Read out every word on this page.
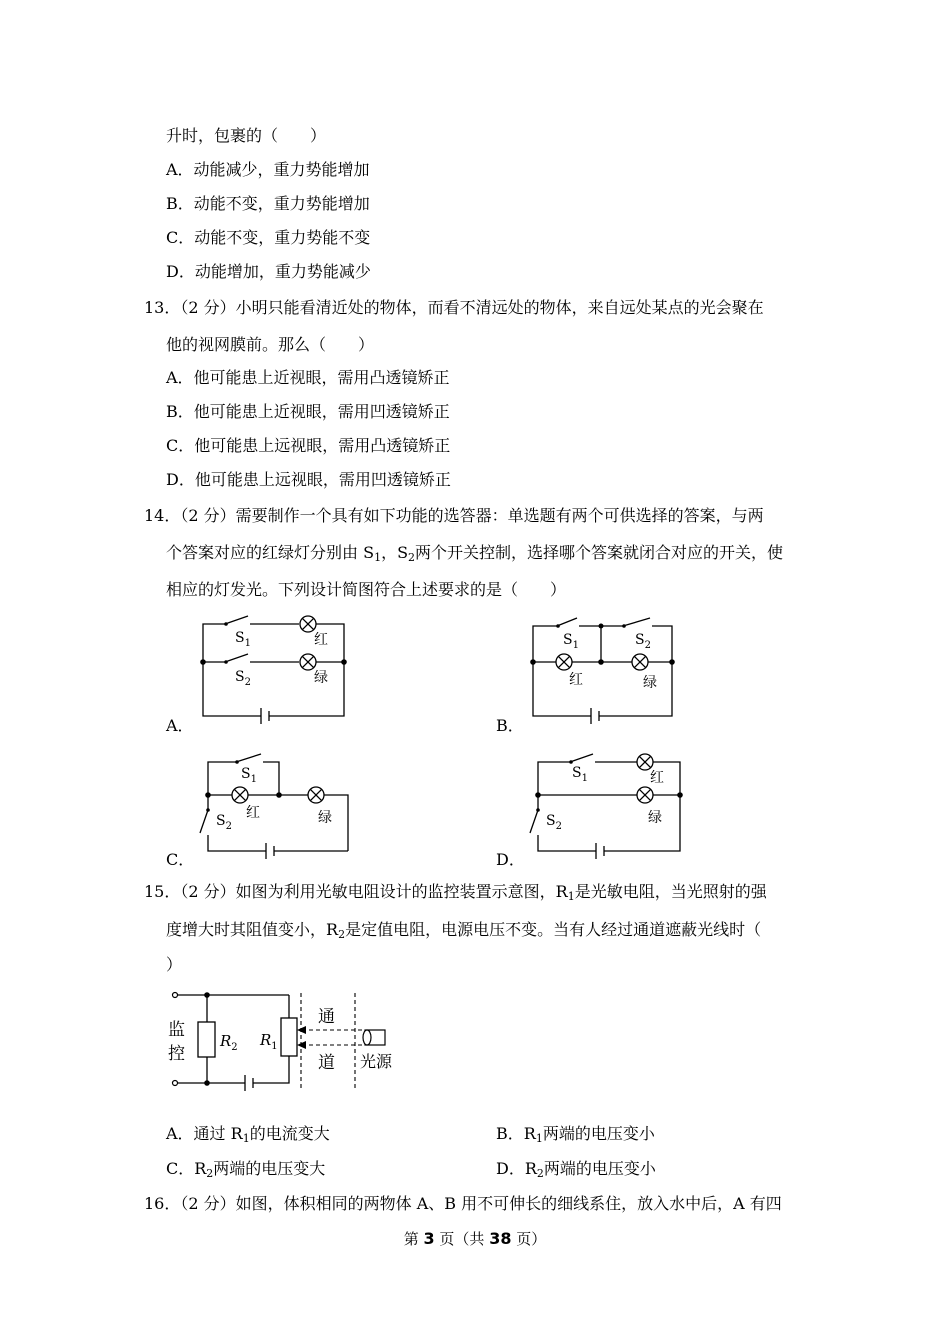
升时，包裹的（　　）
A．动能减少，重力势能增加
B．动能不变，重力势能增加
C．动能不变，重力势能不变
D．动能增加，重力势能减少
13．（2 分）小明只能看清近处的物体，而看不清远处的物体，来自远处某点的光会聚在
他的视网膜前。那么（　　）
A．他可能患上近视眼，需用凸透镜矫正
B．他可能患上近视眼，需用凹透镜矫正
C．他可能患上远视眼，需用凸透镜矫正
D．他可能患上远视眼，需用凹透镜矫正
14．（2 分）需要制作一个具有如下功能的选答器：单选题有两个可供选择的答案，与两
个答案对应的红绿灯分别由 $S_1$，$S_2$两个开关控制，选择哪个答案就闭合对应的开关，使
相应的灯发光。下列设计简图符合上述要求的是（　　）
A．	B．
C．	D．
$S_1$
$S_2$
红
绿
$S_1$	$S_2$
红	绿
$S_1$
$S_2$
红	绿
$S_1$
$S_2$
红
绿
15．（2 分）如图为利用光敏电阻设计的监控装置示意图，$R_1$是光敏电阻，当光照射的强
度增大时其阻值变小，$R_2$是定值电阻，电源电压不变。当有人经过通道遮蔽光线时（
）
监
控
$R_2$ $R_1$
通
道 光源
A．通过 $R_1$的电流变大	B．$R_1$两端的电压变小
C．$R_2$两端的电压变大	D．$R_2$两端的电压变小
16．（2 分）如图，体积相同的两物体 A、B 用不可伸长的细线系住，放入水中后，A 有四
第 3 页（共 38 页）
